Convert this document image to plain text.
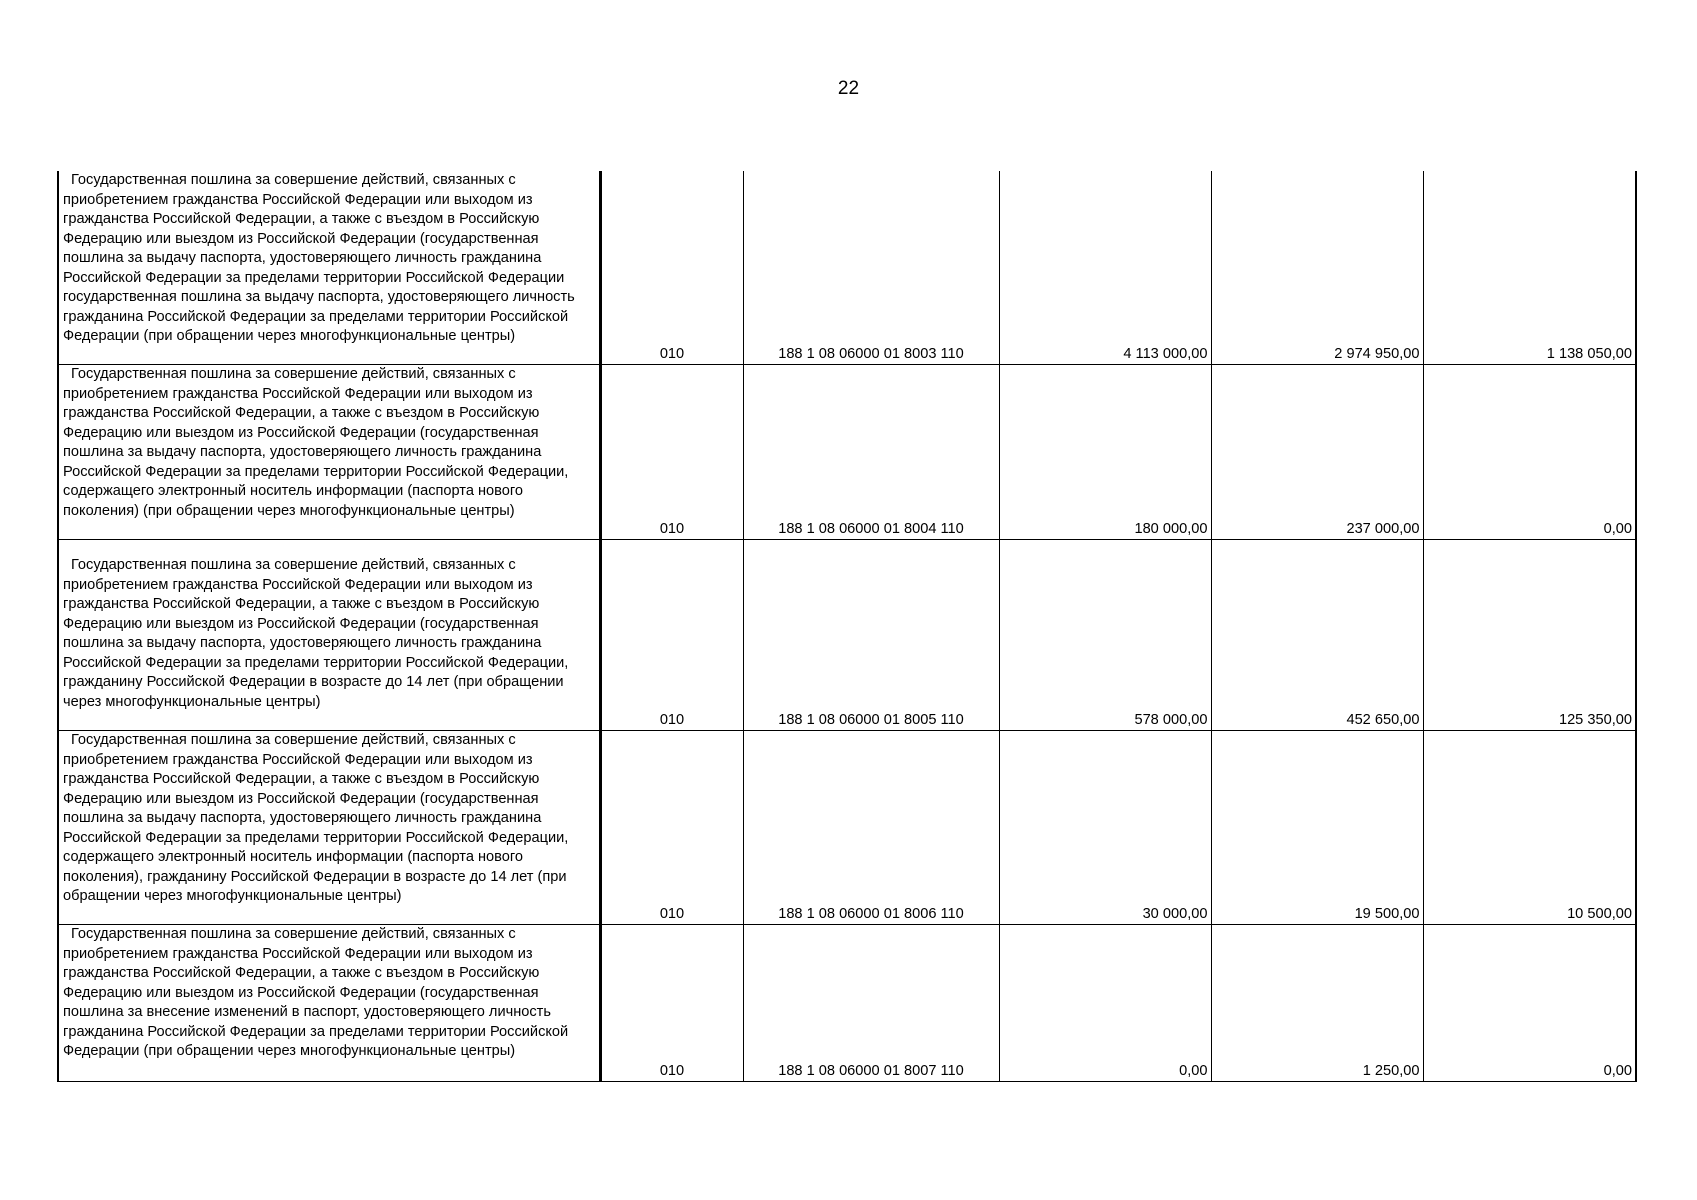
22
Государственная пошлина за совершение действий, связанных с приобретением гражданства Российской Федерации или выходом из гражданства Российской Федерации, а также с въездом в Российскую Федерацию или выездом из Российской Федерации (государственная пошлина за выдачу паспорта, удостоверяющего личность гражданина Российской Федерации за пределами территории Российской Федерации государственная пошлина за выдачу паспорта, удостоверяющего личность гражданина Российской Федерации за пределами территории Российской Федерации (при обращении через многофункциональные центры)	010	188 1 08 06000 01 8003 110	4 113 000,00	2 974 950,00	1 138 050,00

Государственная пошлина за совершение действий, связанных с приобретением гражданства Российской Федерации или выходом из гражданства Российской Федерации, а также с въездом в Российскую Федерацию или выездом из Российской Федерации (государственная пошлина за выдачу паспорта, удостоверяющего личность гражданина Российской Федерации за пределами территории Российской Федерации, содержащего электронный носитель информации (паспорта нового поколения) (при обращении через многофункциональные центры)	010	188 1 08 06000 01 8004 110	180 000,00	237 000,00	0,00

Государственная пошлина за совершение действий, связанных с приобретением гражданства Российской Федерации или выходом из гражданства Российской Федерации, а также с въездом в Российскую Федерацию или выездом из Российской Федерации (государственная пошлина за выдачу паспорта, удостоверяющего личность гражданина Российской Федерации за пределами территории Российской Федерации, гражданину Российской Федерации в возрасте до 14 лет (при обращении через многофункциональные центры)	010	188 1 08 06000 01 8005 110	578 000,00	452 650,00	125 350,00

Государственная пошлина за совершение действий, связанных с приобретением гражданства Российской Федерации или выходом из гражданства Российской Федерации, а также с въездом в Российскую Федерацию или выездом из Российской Федерации (государственная пошлина за выдачу паспорта, удостоверяющего личность гражданина Российской Федерации за пределами территории Российской Федерации, содержащего электронный носитель информации (паспорта нового поколения), гражданину Российской Федерации в возрасте до 14 лет (при обращении через многофункциональные центры)	010	188 1 08 06000 01 8006 110	30 000,00	19 500,00	10 500,00

Государственная пошлина за совершение действий, связанных с приобретением гражданства Российской Федерации или выходом из гражданства Российской Федерации, а также с въездом в Российскую Федерацию или выездом из Российской Федерации (государственная пошлина за внесение изменений в паспорт, удостоверяющего личность гражданина Российской Федерации за пределами территории Российской Федерации (при обращении через многофункциональные центры)	010	188 1 08 06000 01 8007 110	0,00	1 250,00	0,00
